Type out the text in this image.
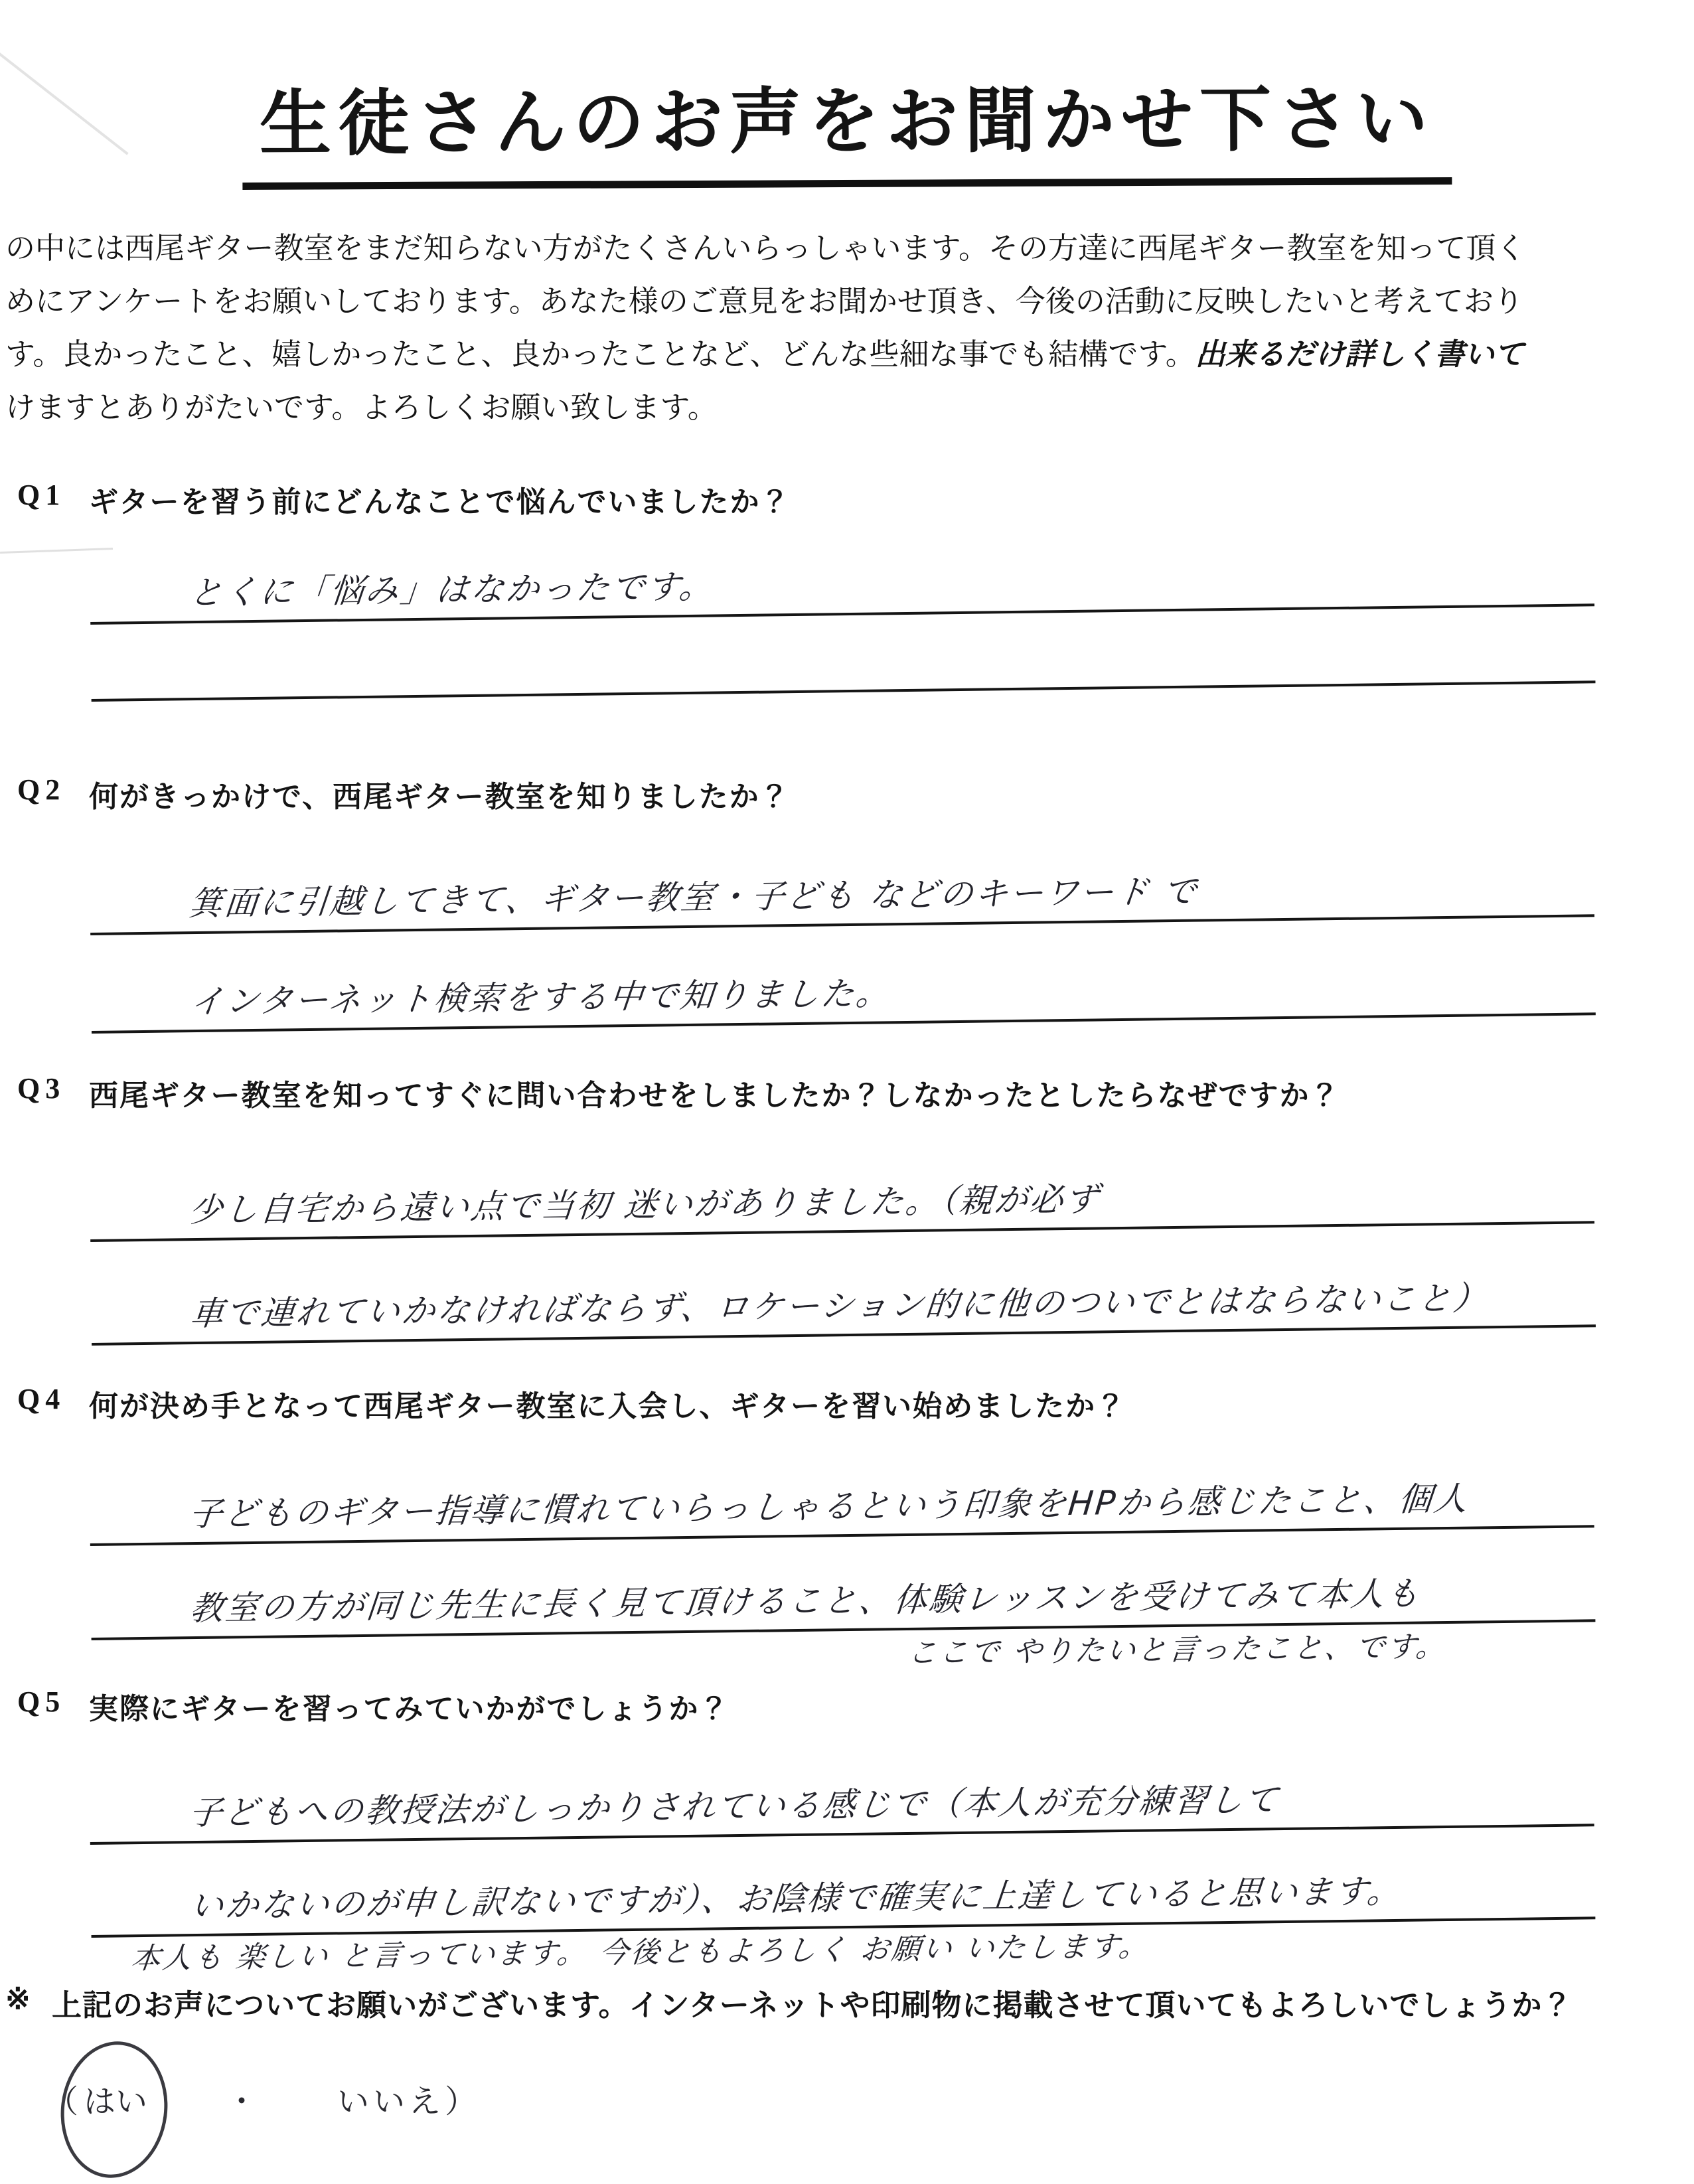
生徒さんのお声をお聞かせ下さい
の中には西尾ギター教室をまだ知らない方がたくさんいらっしゃいます。その方達に西尾ギター教室を知って頂く
めにアンケートをお願いしております。あなた様のご意見をお聞かせ頂き、今後の活動に反映したいと考えており
す。良かったこと、嬉しかったこと、良かったことなど、どんな些細な事でも結構です。出来るだけ詳しく書いて
けますとありがたいです。よろしくお願い致します。
Q1 ギターを習う前にどんなことで悩んでいましたか？
とくに「悩み」はなかったです。
Q2 何がきっかけで、西尾ギター教室を知りましたか？
箕面に引越してきて、ギター教室・子ども などのキーワード で
インターネット検索をする中で知りました。
Q3 西尾ギター教室を知ってすぐに問い合わせをしましたか？しなかったとしたらなぜですか？
少し自宅から遠い点で当初 迷いがありました。（親が必ず
車で連れていかなければならず、ロケーション的に他のついでとはならないこと）
Q4 何が決め手となって西尾ギター教室に入会し、ギターを習い始めましたか？
子どものギター指導に慣れていらっしゃるという印象をHPから感じたこと、個人
教室の方が同じ先生に長く見て頂けること、体験レッスンを受けてみて本人も
ここで やりたいと言ったこと、です。
Q5 実際にギターを習ってみていかがでしょうか？
子どもへの教授法がしっかりされている感じで（本人が充分練習して
いかないのが申し訳ないですが）、お陰様で確実に上達していると思います。
本人も 楽しい と言っています。 今後ともよろしく お願い いたします。
※ 上記のお声についてお願いがございます。インターネットや印刷物に掲載させて頂いてもよろしいでしょうか？
（ はい ・	いいえ ）
